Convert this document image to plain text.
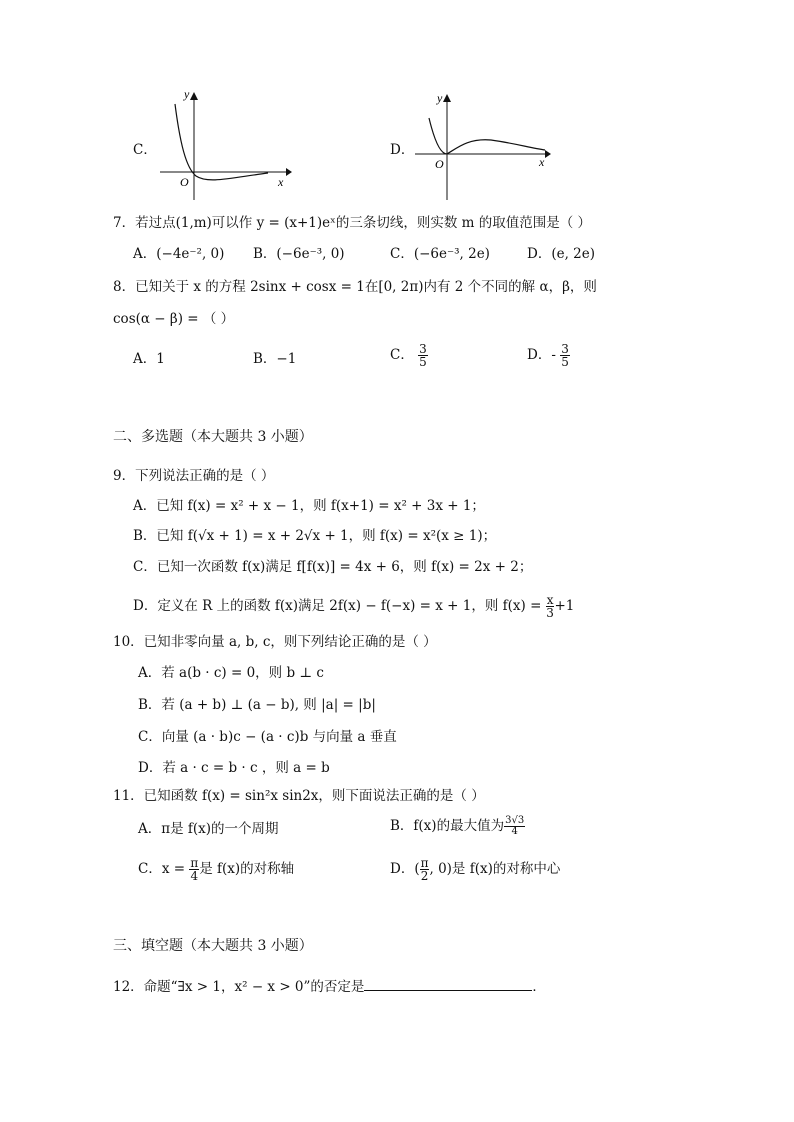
C．
y
x
O
D．
y
x
O
7．若过点(1,m)可以作 y = (x+1)eˣ的三条切线，则实数 m 的取值范围是（ ）
A．(−4e⁻², 0) B．(−6e⁻³, 0)	C．(−6e⁻³, 2e)	D．(e, 2e)
8．已知关于 x 的方程 2sinx + cosx = 1在[0, 2π)内有 2 个不同的解 α，β，则
cos(α − β) = （ ）
A．1	B．−1	C． $\frac{3}{5}$	D．- $\frac{3}{5}$
二、多选题（本大题共 3 小题）
9．下列说法正确的是（ ）
A．已知 f(x) = x² + x − 1，则 f(x+1) = x² + 3x + 1；
B．已知 f(√x + 1) = x + 2√x + 1，则 f(x) = x²(x ≥ 1)；
C．已知一次函数 f(x)满足 f[f(x)] = 4x + 6，则 f(x) = 2x + 2；
D．定义在 R 上的函数 f(x)满足 2f(x) − f(−x) = x + 1，则 $f(x) = \frac{x}{3} +1$
10．已知非零向量 a, b, c，则下列结论正确的是（ ）
A．若 a(b · c) = 0，则 b ⊥ c
B．若 (a + b) ⊥ (a − b), 则 |a| = |b|
C．向量 (a · b)c − (a · c)b 与向量 a 垂直
D．若 a · c = b · c ，则 a = b
11．已知函数 f(x) = sin²x sin2x，则下面说法正确的是（ ）
A．π是 f(x)的一个周期	B．f(x)的最大值为 $\frac{3√3}{4}$
C．$x = \frac{\pi}{4}$ 是 f(x)的对称轴	D．( $\frac{\pi}{2}$ , 0)是 f(x)的对称中心
三、填空题（本大题共 3 小题）
12．命题“∃x > 1，x² − x > 0”的否定是	．
